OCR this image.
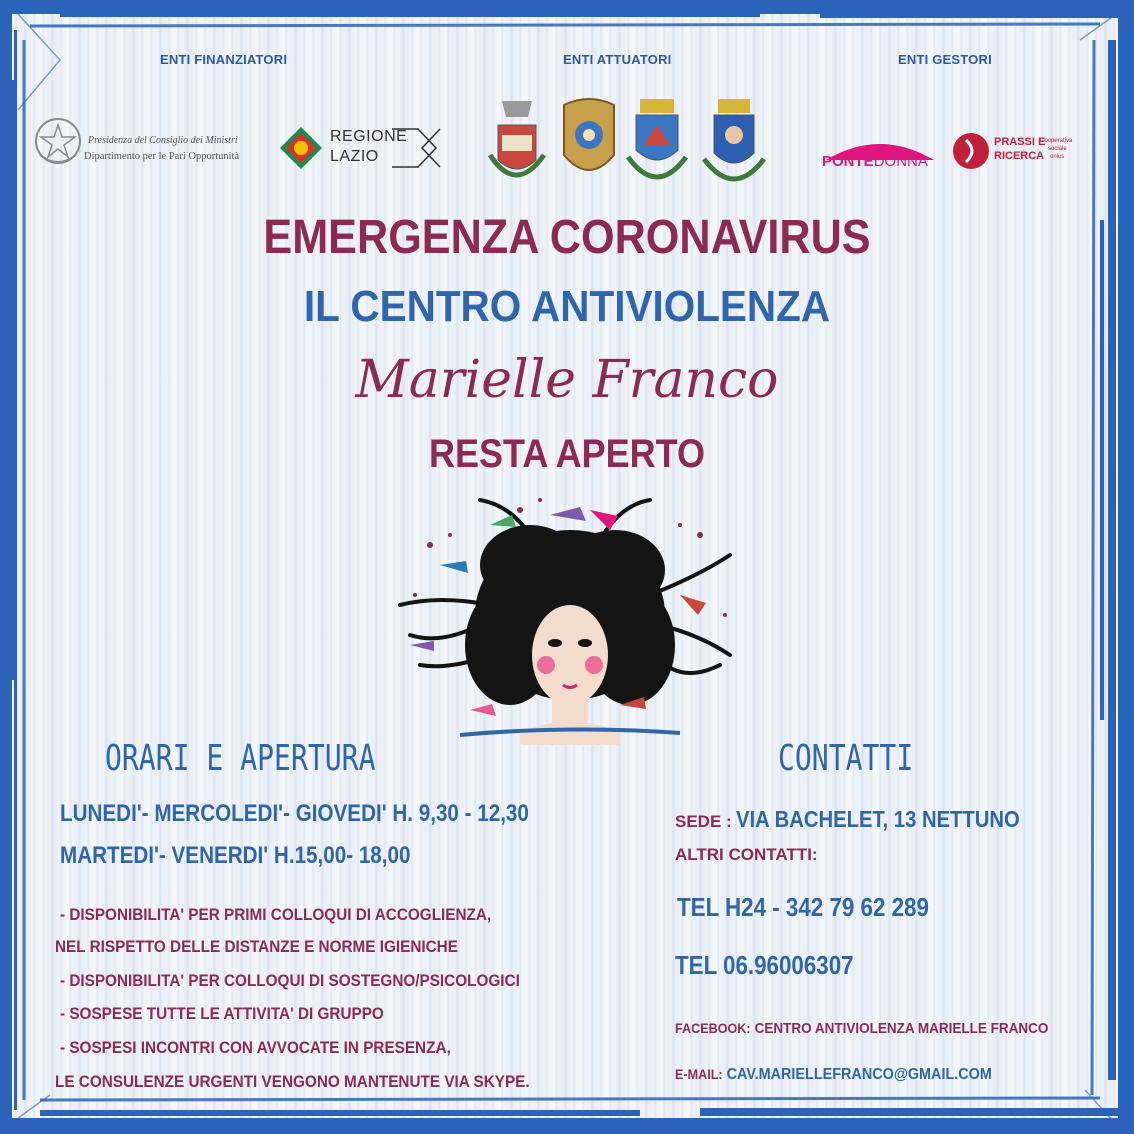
ENTI FINANZIATORI	ENTI ATTUATORI	ENTI GESTORI
Presidenza del Consiglio dei Ministri
Dipartimento per le Pari Opportunità
REGIONE
LAZIO	PONTEDONNA
PRASSI E
RICERCA
Cooperativa
sociale
onlus
EMERGENZA CORONAVIRUS
IL CENTRO ANTIVIOLENZA
Marielle Franco
RESTA APERTO
ORARI E APERTURA
LUNEDI'- MERCOLEDI'- GIOVEDI' H. 9,30 - 12,30
MARTEDI'- VENERDI' H.15,00- 18,00
- DISPONIBILITA' PER PRIMI COLLOQUI DI ACCOGLIENZA,
NEL RISPETTO DELLE DISTANZE E NORME IGIENICHE
- DISPONIBILITA' PER COLLOQUI DI SOSTEGNO/PSICOLOGICI
- SOSPESE TUTTE LE ATTIVITA' DI GRUPPO
- SOSPESI INCONTRI CON AVVOCATE IN PRESENZA,
LE CONSULENZE URGENTI VENGONO MANTENUTE VIA SKYPE.
CONTATTI
SEDE : VIA BACHELET, 13 NETTUNO
ALTRI CONTATTI:
TEL H24 - 342 79 62 289
TEL 06.96006307
FACEBOOK: CENTRO ANTIVIOLENZA MARIELLE FRANCO
E-MAIL: CAV.MARIELLEFRANCO@GMAIL.COM
